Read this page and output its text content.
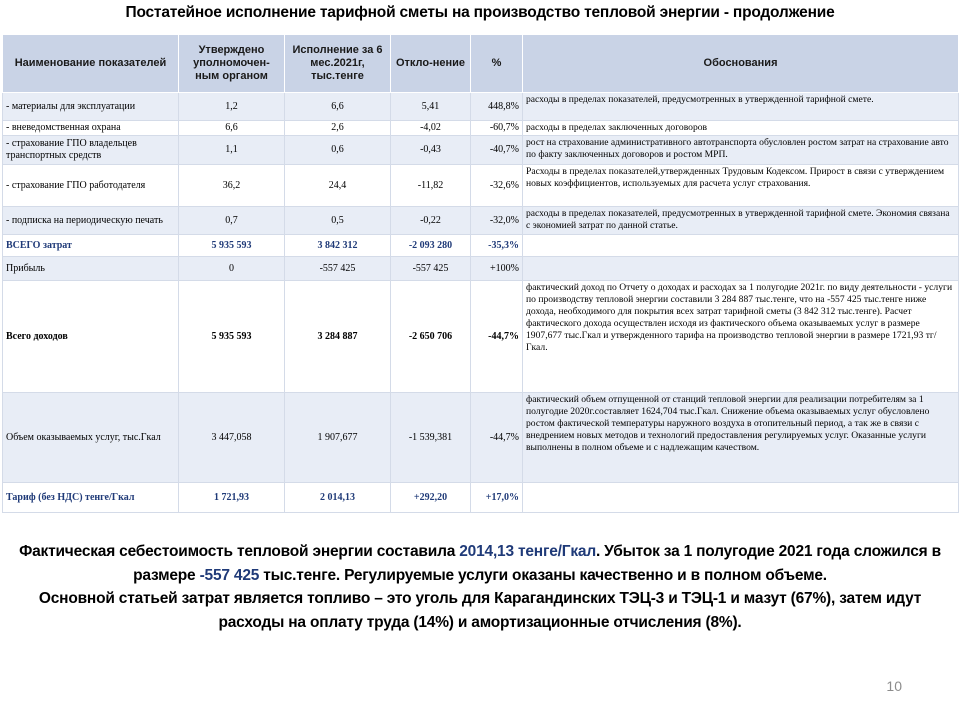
Постатейное исполнение тарифной сметы на производство тепловой энергии - продолжение
Наименование показателей	Утверждено уполномочен-ным органом	Исполнение за 6 мес.2021г, тыс.тенге	Откло-нение	%	Обоснования
- материалы для эксплуатации	1,2	6,6	5,41	448,8%	расходы в пределах показателей, предусмотренных в утвержденной тарифной смете.
- вневедомственная охрана	6,6	2,6	-4,02	-60,7%	расходы в пределах заключенных договоров
- страхование ГПО владельцев транспортных средств	1,1	0,6	-0,43	-40,7%	рост на страхование административного автотранспорта обусловлен ростом затрат на страхование авто по факту заключенных договоров и ростом МРП.
- страхование ГПО работодателя	36,2	24,4	-11,82	-32,6%	Расходы в пределах показателей,утвержденных Трудовым Кодексом. Прирост в связи с утверждением новых коэффициентов, используемых для расчета услуг страхования.
- подписка на периодическую печать	0,7	0,5	-0,22	-32,0%	расходы в пределах показателей, предусмотренных в утвержденной тарифной смете. Экономия связана с экономией затрат по данной статье.
ВСЕГО затрат	5 935 593	3 842 312	-2 093 280	-35,3%	
Прибыль	0	-557 425	-557 425	+100%	
Всего доходов	5 935 593	3 284 887	-2 650 706	-44,7%	фактический доход по Отчету о доходах и расходах за 1 полугодие 2021г. по виду деятельности - услуги по производству тепловой энергии составили 3 284 887 тыс.тенге, что на -557 425 тыс.тенге ниже дохода, необходимого для покрытия всех затрат тарифной сметы (3 842 312 тыс.тенге). Расчет фактического дохода осуществлен исходя из фактического объема оказываемых услуг в размере 1907,677 тыс.Гкал и утвержденного тарифа на производство тепловой энергии в размере 1721,93 тг/Гкал.
Объем оказываемых услуг, тыс.Гкал	3 447,058	1 907,677	-1 539,381	-44,7%	фактический объем отпущенной от станций тепловой энергии для реализации потребителям за 1 полугодие 2020г.составляет 1624,704 тыс.Гкал. Снижение объема оказываемых услуг обусловлено ростом фактической температуры наружного воздуха в отопительный период, а так же в связи с внедрением новых методов и технологий предоставления регулируемых услуг. Оказанные услуги выполнены в полном объеме и с надлежащим качеством.
Тариф (без НДС) тенге/Гкал	1 721,93	2 014,13	+292,20	+17,0%	
Фактическая себестоимость тепловой энергии составила 2014,13 тенге/Гкал. Убыток за 1 полугодие 2021 года сложился в размере -557 425 тыс.тенге. Регулируемые услуги оказаны качественно и в полном объеме.
Основной статьей затрат является топливо – это уголь для Карагандинских ТЭЦ-3 и ТЭЦ-1 и мазут (67%), затем идут расходы на оплату труда (14%) и амортизационные отчисления (8%).
10
